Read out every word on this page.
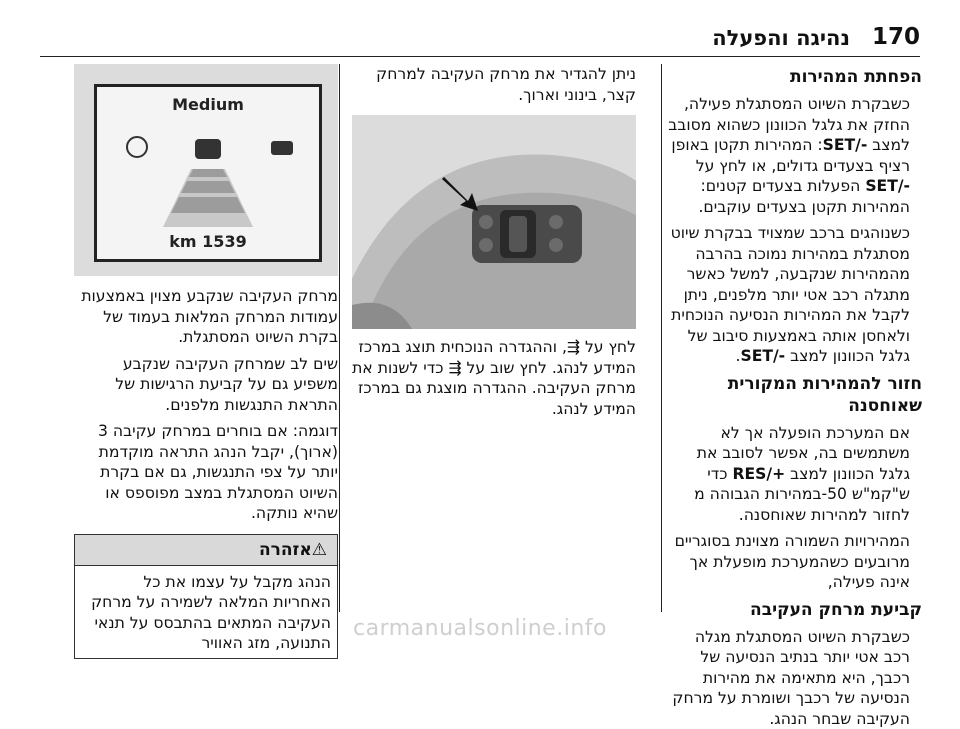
170
נהיגה והפעלה
הפחתת המהירות

כשבקרת השיוט המסתגלת פעילה, החזק את גלגל הכוונון כשהוא מסובב למצב SET/-: המהירות תקטן באופן רציף בצעדים גדולים, או לחץ על SET/- הפעלות בצעדים קטנים: המהירות תקטן בצעדים עוקבים.

כשנוהגים ברכב שמצויד בבקרת שיוט מסתגלת במהירות נמוכה בהרבה מהמהירות שנקבעה, למשל כאשר מתגלה רכב אטי יותר מלפנים, ניתן לקבל את המהירות הנסיעה הנוכחית ולאחסן אותה באמצעות סיבוב של גלגל הכוונון למצב SET/-.

חזור להמהירות המקורית שאוחסנה

אם המערכת הופעלה אך לא משתמשים בה, אפשר לסובב את גלגל הכוונון למצב RES/+ כדי ש"קמ"ש 50-במהירות הגבוהה מ לחזור למהירות שאוחסנה.

המהירויות השמורה מצוינת בסוגריים מרובעים כשהמערכת מופעלת אך אינה פעילה,

קביעת מרחק העקיבה

כשבקרת השיוט המסתגלת מגלה רכב אטי יותר בנתיב הנסיעה של רכבך, היא מתאימה את מהירות הנסיעה של רכבך ושומרת על מרחק העקיבה שבחר הנהג.

ניתן להגדיר את מרחק העקיבה למרחק קצר, בינוני וארוך.

לחץ על ⇶, וההגדרה הנוכחית תוצג במרכז המידע לנהג. לחץ שוב על ⇶ כדי לשנות את מרחק העקיבה. ההגדרה מוצגת גם במרכז המידע לנהג.

Medium
1539 km

מרחק העקיבה שנקבע מצוין באמצעות עמודות המרחק המלאות בעמוד של בקרת השיוט המסתגלת.

שים לב שמרחק העקיבה שנקבע משפיע גם על קביעת הרגישות של התראת התנגשות מלפנים.

דוגמה: אם בוחרים במרחק עקיבה 3 (ארוך), יקבל הנהג התראה מוקדמת יותר על צפי התנגשות, גם אם בקרת השיוט המסתגלת במצב מפוספס או שהיא נותקה.

⚠אזהרה

הנהג מקבל על עצמו את כל האחריות המלאה לשמירה על מרחק העקיבה המתאים בהתבסס על תנאי התנועה, מזג האוויר

carmanualsonline.info
